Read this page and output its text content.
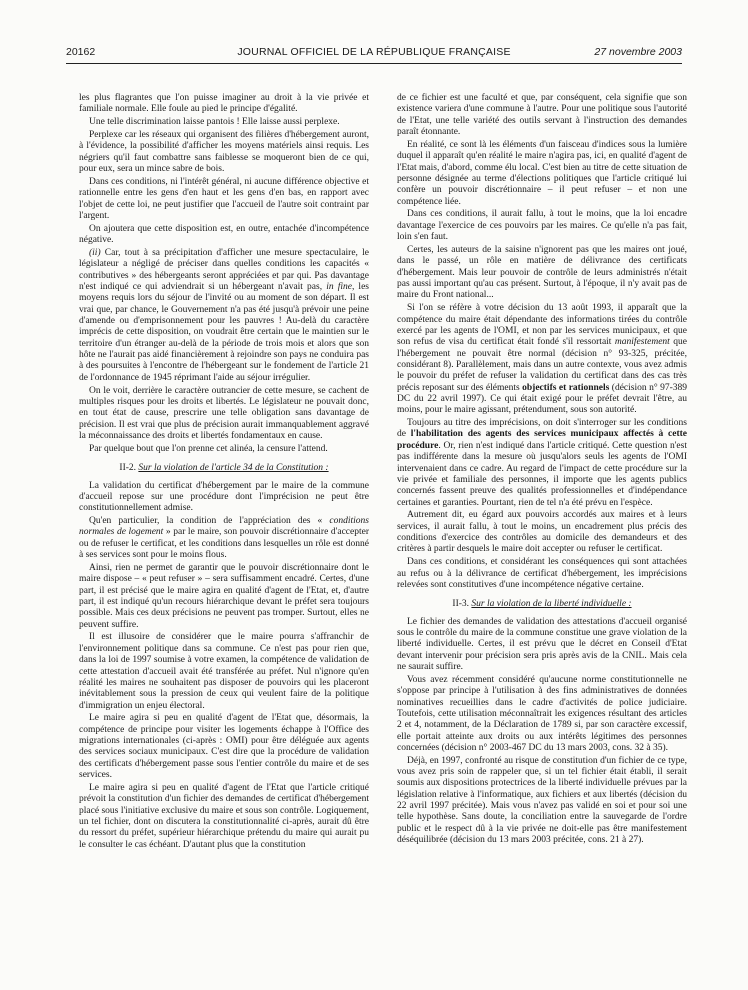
20162	JOURNAL OFFICIEL DE LA RÉPUBLIQUE FRANÇAISE	27 novembre 2003

les plus flagrantes que l'on puisse imaginer au droit à la vie privée et familiale normale. Elle foule au pied le principe d'égalité.

Une telle discrimination laisse pantois ! Elle laisse aussi perplexe.

Perplexe car les réseaux qui organisent des filières d'hébergement auront, à l'évidence, la possibilité d'afficher les moyens matériels ainsi requis. Les négriers qu'il faut combattre sans faiblesse se moqueront bien de ce qui, pour eux, sera un mince sabre de bois.

Dans ces conditions, ni l'intérêt général, ni aucune différence objective et rationnelle entre les gens d'en haut et les gens d'en bas, en rapport avec l'objet de cette loi, ne peut justifier que l'accueil de l'autre soit contraint par l'argent.

On ajoutera que cette disposition est, en outre, entachée d'incompétence négative.

(ii) Car, tout à sa précipitation d'afficher une mesure spectaculaire, le législateur a négligé de préciser dans quelles conditions les capacités « contributives » des hébergeants seront appréciées et par qui. Pas davantage n'est indiqué ce qui adviendrait si un hébergeant n'avait pas, in fine, les moyens requis lors du séjour de l'invité ou au moment de son départ. Il est vrai que, par chance, le Gouvernement n'a pas été jusqu'à prévoir une peine d'amende ou d'emprisonnement pour les pauvres ! Au-delà du caractère imprécis de cette disposition, on voudrait être certain que le maintien sur le territoire d'un étranger au-delà de la période de trois mois et alors que son hôte ne l'aurait pas aidé financièrement à rejoindre son pays ne conduira pas à des poursuites à l'encontre de l'hébergeant sur le fondement de l'article 21 de l'ordonnance de 1945 réprimant l'aide au séjour irrégulier.

On le voit, derrière le caractère outrancier de cette mesure, se cachent de multiples risques pour les droits et libertés. Le législateur ne pouvait donc, en tout état de cause, prescrire une telle obligation sans davantage de précision. Il est vrai que plus de précision aurait immanquablement aggravé la méconnaissance des droits et libertés fondamentaux en cause.

Par quelque bout que l'on prenne cet alinéa, la censure l'attend.

II-2. Sur la violation de l'article 34 de la Constitution :

La validation du certificat d'hébergement par le maire de la commune d'accueil repose sur une procédure dont l'imprécision ne peut être constitutionnellement admise.

Qu'en particulier, la condition de l'appréciation des « conditions normales de logement » par le maire, son pouvoir discrétionnaire d'accepter ou de refuser le certificat, et les conditions dans lesquelles un rôle est donné à ses services sont pour le moins flous.

Ainsi, rien ne permet de garantir que le pouvoir discrétionnaire dont le maire dispose – « peut refuser » – sera suffisamment encadré. Certes, d'une part, il est précisé que le maire agira en qualité d'agent de l'Etat, et, d'autre part, il est indiqué qu'un recours hiérarchique devant le préfet sera toujours possible. Mais ces deux précisions ne peuvent pas tromper. Surtout, elles ne peuvent suffire.

Il est illusoire de considérer que le maire pourra s'affranchir de l'environnement politique dans sa commune. Ce n'est pas pour rien que, dans la loi de 1997 soumise à votre examen, la compétence de validation de cette attestation d'accueil avait été transférée au préfet. Nul n'ignore qu'en réalité les maires ne souhaitent pas disposer de pouvoirs qui les placeront inévitablement sous la pression de ceux qui veulent faire de la politique d'immigration un enjeu électoral.

Le maire agira si peu en qualité d'agent de l'Etat que, désormais, la compétence de principe pour visiter les logements échappe à l'Office des migrations internationales (ci-après : OMI) pour être déléguée aux agents des services sociaux municipaux. C'est dire que la procédure de validation des certificats d'hébergement passe sous l'entier contrôle du maire et de ses services.

Le maire agira si peu en qualité d'agent de l'Etat que l'article critiqué prévoit la constitution d'un fichier des demandes de certificat d'hébergement placé sous l'initiative exclusive du maire et sous son contrôle. Logiquement, un tel fichier, dont on discutera la constitutionnalité ci-après, aurait dû être du ressort du préfet, supérieur hiérarchique prétendu du maire qui aurait pu le consulter le cas échéant. D'autant plus que la constitution

de ce fichier est une faculté et que, par conséquent, cela signifie que son existence variera d'une commune à l'autre. Pour une politique sous l'autorité de l'Etat, une telle variété des outils servant à l'instruction des demandes paraît étonnante.

En réalité, ce sont là les éléments d'un faisceau d'indices sous la lumière duquel il apparaît qu'en réalité le maire n'agira pas, ici, en qualité d'agent de l'Etat mais, d'abord, comme élu local. C'est bien au titre de cette situation de personne désignée au terme d'élections politiques que l'article critiqué lui confère un pouvoir discrétionnaire – il peut refuser – et non une compétence liée.

Dans ces conditions, il aurait fallu, à tout le moins, que la loi encadre davantage l'exercice de ces pouvoirs par les maires. Ce qu'elle n'a pas fait, loin s'en faut.

Certes, les auteurs de la saisine n'ignorent pas que les maires ont joué, dans le passé, un rôle en matière de délivrance des certificats d'hébergement. Mais leur pouvoir de contrôle de leurs administrés n'était pas aussi important qu'au cas présent. Surtout, à l'époque, il n'y avait pas de maire du Front national...

Si l'on se réfère à votre décision du 13 août 1993, il apparaît que la compétence du maire était dépendante des informations tirées du contrôle exercé par les agents de l'OMI, et non par les services municipaux, et que son refus de visa du certificat était fondé s'il ressortait manifestement que l'hébergement ne pouvait être normal (décision n° 93-325, précitée, considérant 8). Parallèlement, mais dans un autre contexte, vous avez admis le pouvoir du préfet de refuser la validation du certificat dans des cas très précis reposant sur des éléments objectifs et rationnels (décision n° 97-389 DC du 22 avril 1997). Ce qui était exigé pour le préfet devrait l'être, au moins, pour le maire agissant, prétendument, sous son autorité.

Toujours au titre des imprécisions, on doit s'interroger sur les conditions de l'habilitation des agents des services municipaux affectés à cette procédure. Or, rien n'est indiqué dans l'article critiqué. Cette question n'est pas indifférente dans la mesure où jusqu'alors seuls les agents de l'OMI intervenaient dans ce cadre. Au regard de l'impact de cette procédure sur la vie privée et familiale des personnes, il importe que les agents publics concernés fassent preuve des qualités professionnelles et d'indépendance certaines et garanties. Pourtant, rien de tel n'a été prévu en l'espèce.

Autrement dit, eu égard aux pouvoirs accordés aux maires et à leurs services, il aurait fallu, à tout le moins, un encadrement plus précis des conditions d'exercice des contrôles au domicile des demandeurs et des critères à partir desquels le maire doit accepter ou refuser le certificat.

Dans ces conditions, et considérant les conséquences qui sont attachées au refus ou à la délivrance de certificat d'hébergement, les imprécisions relevées sont constitutives d'une incompétence négative certaine.

II-3. Sur la violation de la liberté individuelle :

Le fichier des demandes de validation des attestations d'accueil organisé sous le contrôle du maire de la commune constitue une grave violation de la liberté individuelle. Certes, il est prévu que le décret en Conseil d'Etat devant intervenir pour précision sera pris après avis de la CNIL. Mais cela ne saurait suffire.

Vous avez récemment considéré qu'aucune norme constitutionnelle ne s'oppose par principe à l'utilisation à des fins administratives de données nominatives recueillies dans le cadre d'activités de police judiciaire. Toutefois, cette utilisation méconnaîtrait les exigences résultant des articles 2 et 4, notamment, de la Déclaration de 1789 si, par son caractère excessif, elle portait atteinte aux droits ou aux intérêts légitimes des personnes concernées (décision n° 2003-467 DC du 13 mars 2003, cons. 32 à 35).

Déjà, en 1997, confronté au risque de constitution d'un fichier de ce type, vous avez pris soin de rappeler que, si un tel fichier était établi, il serait soumis aux dispositions protectrices de la liberté individuelle prévues par la législation relative à l'informatique, aux fichiers et aux libertés (décision du 22 avril 1997 précitée). Mais vous n'avez pas validé en soi et pour soi une telle hypothèse. Sans doute, la conciliation entre la sauvegarde de l'ordre public et le respect dû à la vie privée ne doit-elle pas être manifestement déséquilibrée (décision du 13 mars 2003 précitée, cons. 21 à 27).
